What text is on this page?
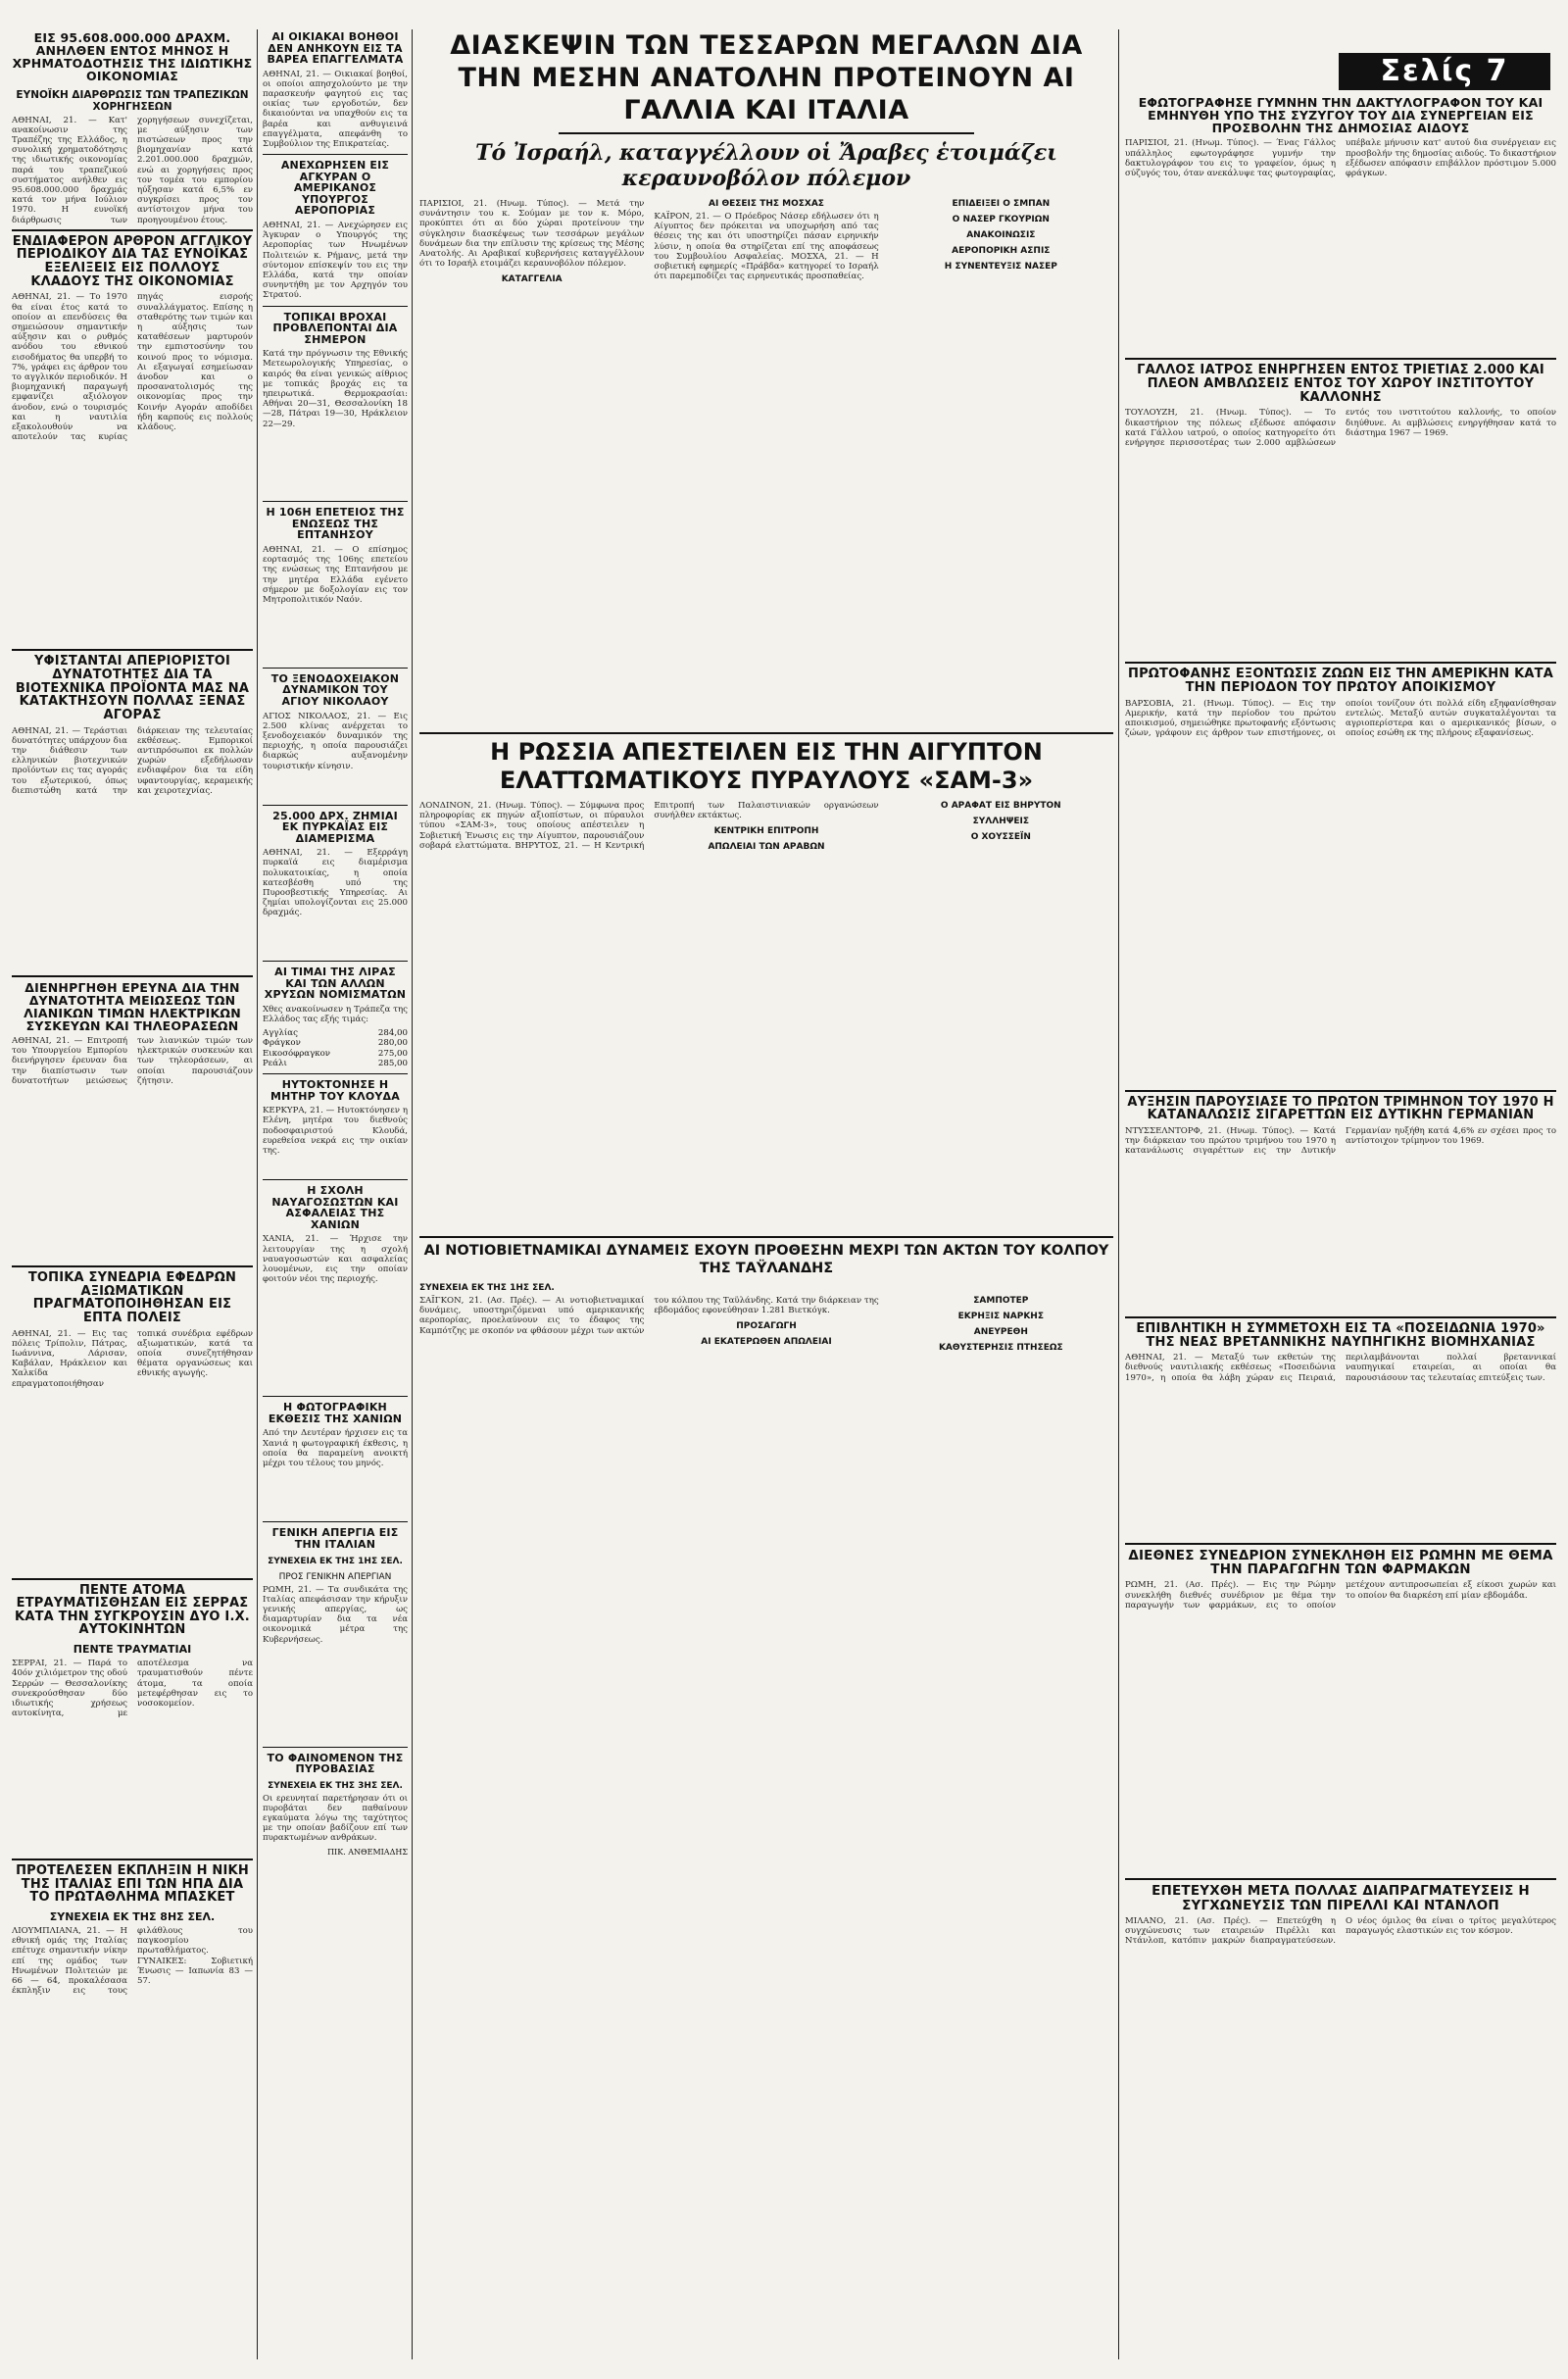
ΕΙΣ 95.608.000.000 ΔΡΑΧΜ. ΑΝΗΛΘΕΝ ΕΝΤΟΣ ΜΗΝΟΣ Η ΧΡΗΜΑΤΟΔΟΤΗΣΙΣ ΤΗΣ ΙΔΙΩΤΙΚΗΣ ΟΙΚΟΝΟΜΙΑΣ
ΕΥΝΟΪΚΗ ΔΙΑΡΘΡΩΣΙΣ ΤΩΝ ΤΡΑΠΕΖΙΚΩΝ ΧΟΡΗΓΗΣΕΩΝ
ΑΘΗΝΑΙ, 21. — Κατ' ανακοίνωσιν της Τραπέζης της Ελλάδος, η συνολική χρηματοδότησις της ιδιωτικής οικονομίας παρά του τραπεζικού συστήματος ανήλθεν εις 95.608.000.000 δραχμάς κατά τον μήνα Ιούλιον 1970. Η ευνοϊκή διάρθρωσις των χορηγήσεων συνεχίζεται, με αύξησιν των πιστώσεων προς την βιομηχανίαν κατά 2.201.000.000 δραχμών, ενώ αι χορηγήσεις προς τον τομέα του εμπορίου ηύξησαν κατά 6,5% εν συγκρίσει προς τον αντίστοιχον μήνα του προηγουμένου έτους.
ΕΝΔΙΑΦΕΡΟΝ ΑΡΘΡΟΝ ΑΓΓΛΙΚΟΥ ΠΕΡΙΟΔΙΚΟΥ ΔΙΑ ΤΑΣ ΕΥΝΟΪΚΑΣ ΕΞΕΛΙΞΕΙΣ ΕΙΣ ΠΟΛΛΟΥΣ ΚΛΑΔΟΥΣ ΤΗΣ ΟΙΚΟΝΟΜΙΑΣ
ΑΘΗΝΑΙ, 21. — Το 1970 θα είναι έτος κατά το οποίον αι επενδύσεις θα σημειώσουν σημαντικήν αύξησιν και ο ρυθμός ανόδου του εθνικού εισοδήματος θα υπερβή το 7%, γράφει εις άρθρον του το αγγλικόν περιοδικόν. Η βιομηχανική παραγωγή εμφανίζει αξιόλογον άνοδον, ενώ ο τουρισμός και η ναυτιλία εξακολουθούν να αποτελούν τας κυρίας πηγάς εισροής συναλλάγματος. Επίσης η σταθερότης των τιμών και η αύξησις των καταθέσεων μαρτυρούν την εμπιστοσύνην του κοινού προς το νόμισμα. Αι εξαγωγαί εσημείωσαν άνοδον και ο προσανατολισμός της οικονομίας προς την Κοινήν Αγοράν αποδίδει ήδη καρπούς εις πολλούς κλάδους.
ΥΦΙΣΤΑΝΤΑΙ ΑΠΕΡΙΟΡΙΣΤΟΙ ΔΥΝΑΤΟΤΗΤΕΣ ΔΙΑ ΤΑ ΒΙΟΤΕΧΝΙΚΑ ΠΡΟΪΟΝΤΑ ΜΑΣ ΝΑ ΚΑΤΑΚΤΗΣΟΥΝ ΠΟΛΛΑΣ ΞΕΝΑΣ ΑΓΟΡΑΣ
ΑΘΗΝΑΙ, 21. — Τεράστιαι δυνατότητες υπάρχουν δια την διάθεσιν των ελληνικών βιοτεχνικών προϊόντων εις τας αγοράς του εξωτερικού, όπως διεπιστώθη κατά την διάρκειαν της τελευταίας εκθέσεως. Εμπορικοί αντιπρόσωποι εκ πολλών χωρών εξεδήλωσαν ενδιαφέρον δια τα είδη υφαντουργίας, κεραμεικής και χειροτεχνίας.
ΔΙΕΝΗΡΓΗΘΗ ΕΡΕΥΝΑ ΔΙΑ ΤΗΝ ΔΥΝΑΤΟΤΗΤΑ ΜΕΙΩΣΕΩΣ ΤΩΝ ΛΙΑΝΙΚΩΝ ΤΙΜΩΝ ΗΛΕΚΤΡΙΚΩΝ ΣΥΣΚΕΥΩΝ ΚΑΙ ΤΗΛΕΟΡΑΣΕΩΝ
ΑΘΗΝΑΙ, 21. — Επιτροπή του Υπουργείου Εμπορίου διενήργησεν έρευναν δια την διαπίστωσιν των δυνατοτήτων μειώσεως των λιανικών τιμών των ηλεκτρικών συσκευών και των τηλεοράσεων, αι οποίαι παρουσιάζουν ζήτησιν.
ΤΟΠΙΚΑ ΣΥΝΕΔΡΙΑ ΕΦΕΔΡΩΝ ΑΞΙΩΜΑΤΙΚΩΝ ΠΡΑΓΜΑΤΟΠΟΙΗΘΗΣΑΝ ΕΙΣ ΕΠΤΑ ΠΟΛΕΙΣ
ΑΘΗΝΑΙ, 21. — Εις τας πόλεις Τρίπολιν, Πάτρας, Ιωάννινα, Λάρισαν, Καβάλαν, Ηράκλειον και Χαλκίδα επραγματοποιήθησαν τοπικά συνέδρια εφέδρων αξιωματικών, κατά τα οποία συνεζητήθησαν θέματα οργανώσεως και εθνικής αγωγής.
ΠΕΝΤΕ ΑΤΟΜΑ ΕΤΡΑΥΜΑΤΙΣΘΗΣΑΝ ΕΙΣ ΣΕΡΡΑΣ ΚΑΤΑ ΤΗΝ ΣΥΓΚΡΟΥΣΙΝ ΔΥΟ Ι.Χ. ΑΥΤΟΚΙΝΗΤΩΝ
ΠΕΝΤΕ ΤΡΑΥΜΑΤΙΑΙ
ΣΕΡΡΑΙ, 21. — Παρά το 40όν χιλιόμετρον της οδού Σερρών — Θεσσαλονίκης συνεκρούσθησαν δύο ιδιωτικής χρήσεως αυτοκίνητα, με αποτέλεσμα να τραυματισθούν πέντε άτομα, τα οποία μετεφέρθησαν εις το νοσοκομείον.
ΠΡΟΤΕΛΕΣΕΝ ΕΚΠΛΗΞΙΝ Η ΝΙΚΗ ΤΗΣ ΙΤΑΛΙΑΣ ΕΠΙ ΤΩΝ ΗΠΑ ΔΙΑ ΤΟ ΠΡΩΤΑΘΛΗΜΑ ΜΠΑΣΚΕΤ
ΣΥΝΕΧΕΙΑ ΕΚ ΤΗΣ 8ΗΣ ΣΕΛ.
ΛΙΟΥΜΠΛΙΑΝΑ, 21. — Η εθνική ομάς της Ιταλίας επέτυχε σημαντικήν νίκην επί της ομάδος των Ηνωμένων Πολιτειών με 66 — 64, προκαλέσασα έκπληξιν εις τους φιλάθλους του παγκοσμίου πρωταθλήματος. ΓΥΝΑΙΚΕΣ: Σοβιετική Ένωσις — Ιαπωνία 83 — 57.
ΑΙ ΟΙΚΙΑΚΑΙ ΒΟΗΘΟΙ ΔΕΝ ΑΝΗΚΟΥΝ ΕΙΣ ΤΑ ΒΑΡΕΑ ΕΠΑΓΓΕΛΜΑΤΑ
ΑΘΗΝΑΙ, 21. — Οικιακαί βοηθοί, οι οποίοι απησχολούντο με την παρασκευήν φαγητού εις τας οικίας των εργοδοτών, δεν δικαιούνται να υπαχθούν εις τα βαρέα και ανθυγιεινά επαγγέλματα, απεφάνθη το Συμβούλιον της Επικρατείας.
ΑΝΕΧΩΡΗΣΕΝ ΕΙΣ ΑΓΚΥΡΑΝ Ο ΑΜΕΡΙΚΑΝΟΣ ΥΠΟΥΡΓΟΣ ΑΕΡΟΠΟΡΙΑΣ
ΑΘΗΝΑΙ, 21. — Ανεχώρησεν εις Άγκυραν ο Υπουργός της Αεροπορίας των Ηνωμένων Πολιτειών κ. Ρήμανς, μετά την σύντομον επίσκεψίν του εις την Ελλάδα, κατά την οποίαν συνηντήθη με τον Αρχηγόν του Στρατού.
ΤΟΠΙΚΑΙ ΒΡΟΧΑΙ ΠΡΟΒΛΕΠΟΝΤΑΙ ΔΙΑ ΣΗΜΕΡΟΝ
Κατά την πρόγνωσιν της Εθνικής Μετεωρολογικής Υπηρεσίας, ο καιρός θα είναι γενικώς αίθριος με τοπικάς βροχάς εις τα ηπειρωτικά. Θερμοκρασίαι: Αθήναι 20—31, Θεσσαλονίκη 18—28, Πάτραι 19—30, Ηράκλειον 22—29.
Η 106Η ΕΠΕΤΕΙΟΣ ΤΗΣ ΕΝΩΣΕΩΣ ΤΗΣ ΕΠΤΑΝΗΣΟΥ
ΑΘΗΝΑΙ, 21. — Ο επίσημος εορτασμός της 106ης επετείου της ενώσεως της Επτανήσου με την μητέρα Ελλάδα εγένετο σήμερον με δοξολογίαν εις τον Μητροπολιτικόν Ναόν.
ΤΟ ΞΕΝΟΔΟΧΕΙΑΚΟΝ ΔΥΝΑΜΙΚΟΝ ΤΟΥ ΑΓΙΟΥ ΝΙΚΟΛΑΟΥ
ΑΓΙΟΣ ΝΙΚΟΛΑΟΣ, 21. — Εις 2.500 κλίνας ανέρχεται το ξενοδοχειακόν δυναμικόν της περιοχής, η οποία παρουσιάζει διαρκώς αυξανομένην τουριστικήν κίνησιν.
25.000 ΔΡΧ. ΖΗΜΙΑΙ ΕΚ ΠΥΡΚΑΪΑΣ ΕΙΣ ΔΙΑΜΕΡΙΣΜΑ
ΑΘΗΝΑΙ, 21. — Εξερράγη πυρκαϊά εις διαμέρισμα πολυκατοικίας, η οποία κατεσβέσθη υπό της Πυροσβεστικής Υπηρεσίας. Αι ζημίαι υπολογίζονται εις 25.000 δραχμάς.
ΑΙ ΤΙΜΑΙ ΤΗΣ ΛΙΡΑΣ ΚΑΙ ΤΩΝ ΑΛΛΩΝ ΧΡΥΣΩΝ ΝΟΜΙΣΜΑΤΩΝ
Χθες ανακοίνωσεν η Τράπεζα της Ελλάδος τας εξής τιμάς:
Αγγλίας	284,00
Φράγκον	280,00
Εικοσόφραγκον	275,00
Ρεάλι	285,00
ΗΥΤΟΚΤΟΝΗΣΕ Η ΜΗΤΗΡ ΤΟΥ ΚΛΟΥΔΑ
ΚΕΡΚΥΡΑ, 21. — Ηυτοκτόνησεν η Ελένη, μητέρα του διεθνούς ποδοσφαιριστού Κλουδά, ευρεθείσα νεκρά εις την οικίαν της.
Η ΣΧΟΛΗ ΝΑΥΑΓΟΣΩΣΤΩΝ ΚΑΙ ΑΣΦΑΛΕΙΑΣ ΤΗΣ ΧΑΝΙΩΝ
ΧΑΝΙΑ, 21. — Ήρχισε την λειτουργίαν της η σχολή ναυαγοσωστών και ασφαλείας λουομένων, εις την οποίαν φοιτούν νέοι της περιοχής.
Η ΦΩΤΟΓΡΑΦΙΚΗ ΕΚΘΕΣΙΣ ΤΗΣ ΧΑΝΙΩΝ
Από την Δευτέραν ήρχισεν εις τα Χανιά η φωτογραφική έκθεσις, η οποία θα παραμείνη ανοικτή μέχρι του τέλους του μηνός.
ΓΕΝΙΚΗ ΑΠΕΡΓΙΑ ΕΙΣ ΤΗΝ ΙΤΑΛΙΑΝ
ΣΥΝΕΧΕΙΑ ΕΚ ΤΗΣ 1ΗΣ ΣΕΛ.
ΠΡΟΣ ΓΕΝΙΚΗΝ ΑΠΕΡΓΙΑΝ
ΡΩΜΗ, 21. — Τα συνδικάτα της Ιταλίας απεφάσισαν την κήρυξιν γενικής απεργίας, ως διαμαρτυρίαν δια τα νέα οικονομικά μέτρα της Κυβερνήσεως.
ΤΟ ΦΑΙΝΟΜΕΝΟΝ ΤΗΣ ΠΥΡΟΒΑΣΙΑΣ
ΣΥΝΕΧΕΙΑ ΕΚ ΤΗΣ 3ΗΣ ΣΕΛ.
Οι ερευνηταί παρετήρησαν ότι οι πυροβάται δεν παθαίνουν εγκαύματα λόγω της ταχύτητος με την οποίαν βαδίζουν επί των πυρακτωμένων ανθράκων.
ΠΙΚ. ΑΝΘΕΜΙΑΔΗΣ
ΔΙΑΣΚΕΨΙΝ ΤΩΝ ΤΕΣΣΑΡΩΝ ΜΕΓΑΛΩΝ ΔΙΑ ΤΗΝ ΜΕΣΗΝ ΑΝΑΤΟΛΗΝ ΠΡΟΤΕΙΝΟΥΝ ΑΙ ΓΑΛΛΙΑ ΚΑΙ ΙΤΑΛΙΑ
Τό Ἰσραήλ, καταγγέλλουν οἱ Ἄραβες ἑτοιμάζει κεραυνοβόλον πόλεμον
ΠΑΡΙΣΙΟΙ, 21. (Ηνωμ. Τύπος). — Μετά την συνάντησιν του κ. Σούμαν με τον κ. Μόρο, προκύπτει ότι αι δύο χώραι προτείνουν την σύγκλησιν διασκέψεως των τεσσάρων μεγάλων δυνάμεων δια την επίλυσιν της κρίσεως της Μέσης Ανατολής. Αι Αραβικαί κυβερνήσεις καταγγέλλουν ότι το Ισραήλ ετοιμάζει κεραυνοβόλον πόλεμον.
ΚΑΤΑΓΓΕΛΙΑ
ΑΙ ΘΕΣΕΙΣ ΤΗΣ ΜΟΣΧΑΣ
ΚΑΪΡΟΝ, 21. — Ο Πρόεδρος Νάσερ εδήλωσεν ότι η Αίγυπτος δεν πρόκειται να υποχωρήση από τας θέσεις της και ότι υποστηρίζει πάσαν ειρηνικήν λύσιν, η οποία θα στηρίζεται επί της αποφάσεως του Συμβουλίου Ασφαλείας. ΜΟΣΧΑ, 21. — Η σοβιετική εφημερίς «Πράβδα» κατηγορεί το Ισραήλ ότι παρεμποδίζει τας ειρηνευτικάς προσπαθείας.
ΕΠΙΔΕΙΞΕΙ Ο ΣΜΠΑΝ
Ο ΝΑΣΕΡ ΓΚΟΥΡΙΩΝ
ΑΝΑΚΟΙΝΩΣΙΣ
ΑΕΡΟΠΟΡΙΚΗ ΑΣΠΙΣ
Η ΣΥΝΕΝΤΕΥΞΙΣ ΝΑΣΕΡ
Η ΡΩΣΣΙΑ ΑΠΕΣΤΕΙΛΕΝ ΕΙΣ ΤΗΝ ΑΙΓΥΠΤΟΝ ΕΛΑΤΤΩΜΑΤΙΚΟΥΣ ΠΥΡΑΥΛΟΥΣ «ΣΑΜ-3»
ΛΟΝΔΙΝΟΝ, 21. (Ηνωμ. Τύπος). — Σύμφωνα προς πληροφορίας εκ πηγών αξιοπίστων, οι πύραυλοι τύπου «ΣΑΜ-3», τους οποίους απέστειλεν η Σοβιετική Ένωσις εις την Αίγυπτον, παρουσιάζουν σοβαρά ελαττώματα. ΒΗΡΥΤΟΣ, 21. — Η Κεντρική Επιτροπή των Παλαιστινιακών οργανώσεων συνήλθεν εκτάκτως.
ΚΕΝΤΡΙΚΗ ΕΠΙΤΡΟΠΗ
ΑΠΩΛΕΙΑΙ ΤΩΝ ΑΡΑΒΩΝ
Ο ΑΡΑΦΑΤ ΕΙΣ ΒΗΡΥΤΟΝ
ΣΥΛΛΗΨΕΙΣ
Ο ΧΟΥΣΣΕΪΝ
ΑΙ ΝΟΤΙΟΒΙΕΤΝΑΜΙΚΑΙ ΔΥΝΑΜΕΙΣ ΕΧΟΥΝ ΠΡΟΘΕΣΗΝ ΜΕΧΡΙ ΤΩΝ ΑΚΤΩΝ ΤΟΥ ΚΟΛΠΟΥ ΤΗΣ ΤΑΫΛΑΝΔΗΣ
ΣΥΝΕΧΕΙΑ ΕΚ ΤΗΣ 1ΗΣ ΣΕΛ.
ΣΑΪΓΚΟΝ, 21. (Ασ. Πρές). — Αι νοτιοβιετναμικαί δυνάμεις, υποστηριζόμεναι υπό αμερικανικής αεροπορίας, προελαύνουν εις το έδαφος της Καμπότζης με σκοπόν να φθάσουν μέχρι των ακτών του κόλπου της Ταϋλάνδης. Κατά την διάρκειαν της εβδομάδος εφονεύθησαν 1.281 Βιετκόγκ.
ΠΡΟΣΑΓΩΓΗ
ΑΙ ΕΚΑΤΕΡΩΘΕΝ ΑΠΩΛΕΙΑΙ
ΣΑΜΠΟΤΕΡ
ΕΚΡΗΞΙΣ ΝΑΡΚΗΣ
ΑΝΕΥΡΕΘΗ
ΚΑΘΥΣΤΕΡΗΣΙΣ ΠΤΗΣΕΩΣ
Σελίς 7
ΕΦΩΤΟΓΡΑΦΗΣΕ ΓΥΜΝΗΝ ΤΗΝ ΔΑΚΤΥΛΟΓΡΑΦΟΝ ΤΟΥ ΚΑΙ ΕΜΗΝΥΘΗ ΥΠΟ ΤΗΣ ΣΥΖΥΓΟΥ ΤΟΥ ΔΙΑ ΣΥΝΕΡΓΕΙΑΝ ΕΙΣ ΠΡΟΣΒΟΛΗΝ ΤΗΣ ΔΗΜΟΣΙΑΣ ΑΙΔΟΥΣ
ΠΑΡΙΣΙΟΙ, 21. (Ηνωμ. Τύπος). — Ένας Γάλλος υπάλληλος εφωτογράφησε γυμνήν την δακτυλογράφον του εις το γραφείον, όμως η σύζυγός του, όταν ανεκάλυψε τας φωτογραφίας, υπέβαλε μήνυσιν κατ' αυτού δια συνέργειαν εις προσβολήν της δημοσίας αιδούς. Το δικαστήριον εξέδωσεν απόφασιν επιβάλλον πρόστιμον 5.000 φράγκων.
ΓΑΛΛΟΣ ΙΑΤΡΟΣ ΕΝΗΡΓΗΣΕΝ ΕΝΤΟΣ ΤΡΙΕΤΙΑΣ 2.000 ΚΑΙ ΠΛΕΟΝ ΑΜΒΛΩΣΕΙΣ ΕΝΤΟΣ ΤΟΥ ΧΩΡΟΥ ΙΝΣΤΙΤΟΥΤΟΥ ΚΑΛΛΟΝΗΣ
ΤΟΥΛΟΥΖΗ, 21. (Ηνωμ. Τύπος). — Το δικαστήριον της πόλεως εξέδωσε απόφασιν κατά Γάλλου ιατρού, ο οποίος κατηγορείτο ότι ενήργησε περισσοτέρας των 2.000 αμβλώσεων εντός του ινστιτούτου καλλονής, το οποίον διηύθυνε. Αι αμβλώσεις ενηργήθησαν κατά το διάστημα 1967 — 1969.
ΠΡΩΤΟΦΑΝΗΣ ΕΞΟΝΤΩΣΙΣ ΖΩΩΝ ΕΙΣ ΤΗΝ ΑΜΕΡΙΚΗΝ ΚΑΤΑ ΤΗΝ ΠΕΡΙΟΔΟΝ ΤΟΥ ΠΡΩΤΟΥ ΑΠΟΙΚΙΣΜΟΥ
ΒΑΡΣΟΒΙΑ, 21. (Ηνωμ. Τύπος). — Εις την Αμερικήν, κατά την περίοδον του πρώτου αποικισμού, σημειώθηκε πρωτοφανής εξόντωσις ζώων, γράφουν εις άρθρον των επιστήμονες, οι οποίοι τονίζουν ότι πολλά είδη εξηφανίσθησαν εντελώς. Μεταξύ αυτών συγκαταλέγονται τα αγριοπερίστερα και ο αμερικανικός βίσων, ο οποίος εσώθη εκ της πλήρους εξαφανίσεως.
ΑΥΞΗΣΙΝ ΠΑΡΟΥΣΙΑΣΕ ΤΟ ΠΡΩΤΟΝ ΤΡΙΜΗΝΟΝ ΤΟΥ 1970 Η ΚΑΤΑΝΑΛΩΣΙΣ ΣΙΓΑΡΕΤΤΩΝ ΕΙΣ ΔΥΤΙΚΗΝ ΓΕΡΜΑΝΙΑΝ
ΝΤΥΣΣΕΛΝΤΟΡΦ, 21. (Ηνωμ. Τύπος). — Κατά την διάρκειαν του πρώτου τριμήνου του 1970 η κατανάλωσις σιγαρέττων εις την Δυτικήν Γερμανίαν ηυξήθη κατά 4,6% εν σχέσει προς το αντίστοιχον τρίμηνον του 1969.
ΕΠΙΒΛΗΤΙΚΗ Η ΣΥΜΜΕΤΟΧΗ ΕΙΣ ΤΑ «ΠΟΣΕΙΔΩΝΙΑ 1970» ΤΗΣ ΝΕΑΣ ΒΡΕΤΑΝΝΙΚΗΣ ΝΑΥΠΗΓΙΚΗΣ ΒΙΟΜΗΧΑΝΙΑΣ
ΑΘΗΝΑΙ, 21. — Μεταξύ των εκθετών της διεθνούς ναυτιλιακής εκθέσεως «Ποσειδώνια 1970», η οποία θα λάβη χώραν εις Πειραιά, περιλαμβάνονται πολλαί βρεταννικαί ναυπηγικαί εταιρείαι, αι οποίαι θα παρουσιάσουν τας τελευταίας επιτεύξεις των.
ΔΙΕΘΝΕΣ ΣΥΝΕΔΡΙΟΝ ΣΥΝΕΚΛΗΘΗ ΕΙΣ ΡΩΜΗΝ ΜΕ ΘΕΜΑ ΤΗΝ ΠΑΡΑΓΩΓΗΝ ΤΩΝ ΦΑΡΜΑΚΩΝ
ΡΩΜΗ, 21. (Ασ. Πρές). — Εις την Ρώμην συνεκλήθη διεθνές συνέδριον με θέμα την παραγωγήν των φαρμάκων, εις το οποίον μετέχουν αντιπροσωπείαι εξ είκοσι χωρών και το οποίον θα διαρκέση επί μίαν εβδομάδα.
ΕΠΕΤΕΥΧΘΗ ΜΕΤΑ ΠΟΛΛΑΣ ΔΙΑΠΡΑΓΜΑΤΕΥΣΕΙΣ Η ΣΥΓΧΩΝΕΥΣΙΣ ΤΩΝ ΠΙΡΕΛΛΙ ΚΑΙ ΝΤΑΝΛΟΠ
ΜΙΛΑΝΟ, 21. (Ασ. Πρές). — Επετεύχθη η συγχώνευσις των εταιρειών Πιρέλλι και Ντάνλοπ, κατόπιν μακρών διαπραγματεύσεων. Ο νέος όμιλος θα είναι ο τρίτος μεγαλύτερος παραγωγός ελαστικών εις τον κόσμον.
